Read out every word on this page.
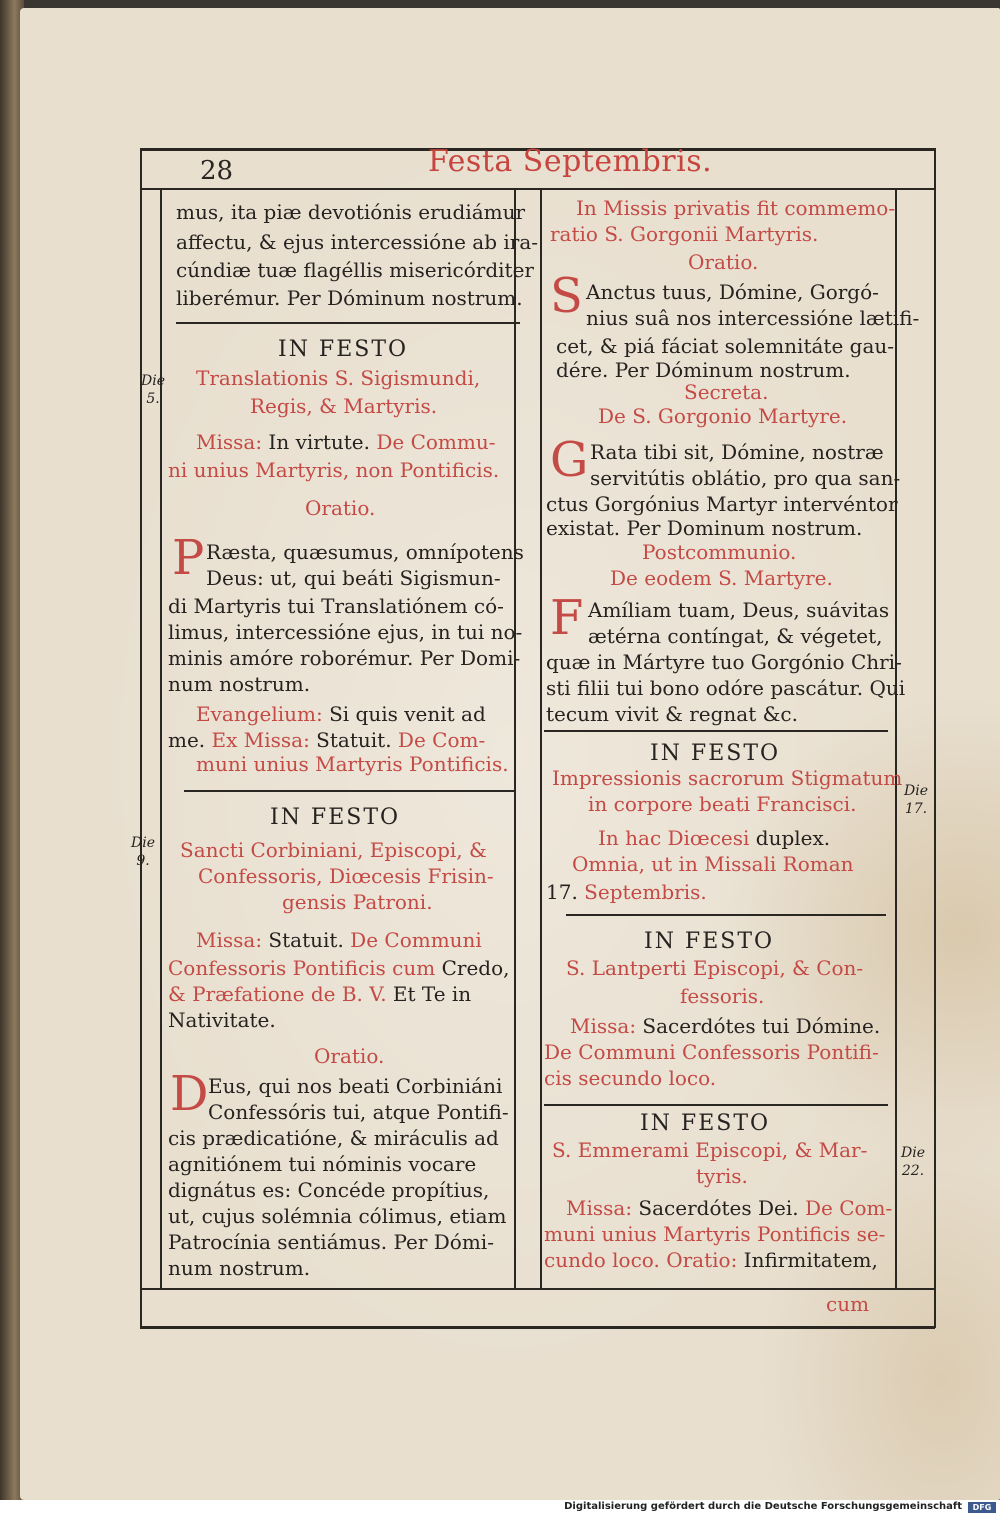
28	Festa Septembris.
mus, ita piæ devotiónis erudiámur
affectu, & ejus intercessióne ab ira-
cúndiæ tuæ flagéllis misericórditer
liberémur. Per Dóminum nostrum.
Die
5.
IN FESTO
Translationis S. Sigismundi,
Regis, & Martyris.
Missa: In virtute. De Commu-
ni unius Martyris, non Pontificis.
Oratio.
P Ræsta, quæsumus, omnípotens
Deus: ut, qui beáti Sigismun-
di Martyris tui Translatiónem có-
limus, intercessióne ejus, in tui no-
minis amóre roborémur. Per Domi-
num nostrum.
Evangelium: Si quis venit ad
me. Ex Missa: Statuit. De Com-
muni unius Martyris Pontificis.
Die
9.
IN FESTO
Sancti Corbiniani, Episcopi, &
Confessoris, Diœcesis Frisin-
gensis Patroni.
Missa: Statuit. De Communi
Confessoris Pontificis cum Credo,
& Præfatione de B. V. Et Te in
Nativitate.
Oratio.
D Eus, qui nos beati Corbiniáni
Confessóris tui, atque Pontifi-
cis prædicatióne, & miráculis ad
agnitiónem tui nóminis vocare
dignátus es: Concéde propítius,
ut, cujus solémnia cólimus, etiam
Patrocínia sentiámus. Per Dómi-
num nostrum.
In Missis privatis fit commemo-
ratio S. Gorgonii Martyris.
Oratio.
S Anctus tuus, Dómine, Gorgó-
nius suâ nos intercessióne lætifi-
cet, & piá fáciat solemnitáte gau-
dére. Per Dóminum nostrum.
Secreta.
De S. Gorgonio Martyre.
G Rata tibi sit, Dómine, nostræ
servitútis oblátio, pro qua san-
ctus Gorgónius Martyr intervéntor
existat. Per Dominum nostrum.
Postcommunio.
De eodem S. Martyre.
F Amíliam tuam, Deus, suávitas
ætérna contíngat, & végetet,
quæ in Mártyre tuo Gorgónio Chri-
sti filii tui bono odóre pascátur. Qui
tecum vivit & regnat &c.
IN FESTO
Impressionis sacrorum Stigmatum
in corpore beati Francisci.
Die
17.
In hac Diœcesi duplex.
Omnia, ut in Missali Roman
17. Septembris.
IN FESTO
S. Lantperti Episcopi, & Con-
fessoris.
Missa: Sacerdótes tui Dómine.
De Communi Confessoris Pontifi-
cis secundo loco.
IN FESTO
S. Emmerami Episcopi, & Mar-
tyris.
Die
22.
Missa: Sacerdótes Dei. De Com-
muni unius Martyris Pontificis se-
cundo loco. Oratio: Infirmitatem,
cum
Digitalisierung gefördert durch die Deutsche Forschungsgemeinschaft	DFG
